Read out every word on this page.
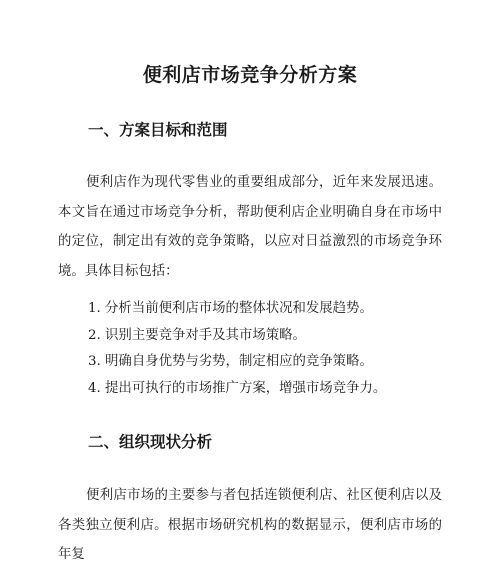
便利店市场竞争分析方案
一、方案目标和范围

便利店作为现代零售业的重要组成部分，近年来发展迅速。本文旨在通过市场竞争分析，帮助便利店企业明确自身在市场中的定位，制定出有效的竞争策略，以应对日益激烈的市场竞争环境。具体目标包括：

1. 分析当前便利店市场的整体状况和发展趋势。
2. 识别主要竞争对手及其市场策略。
3. 明确自身优势与劣势，制定相应的竞争策略。
4. 提出可执行的市场推广方案，增强市场竞争力。
二、组织现状分析

便利店市场的主要参与者包括连锁便利店、社区便利店以及各类独立便利店。根据市场研究机构的数据显示，便利店市场的年复
